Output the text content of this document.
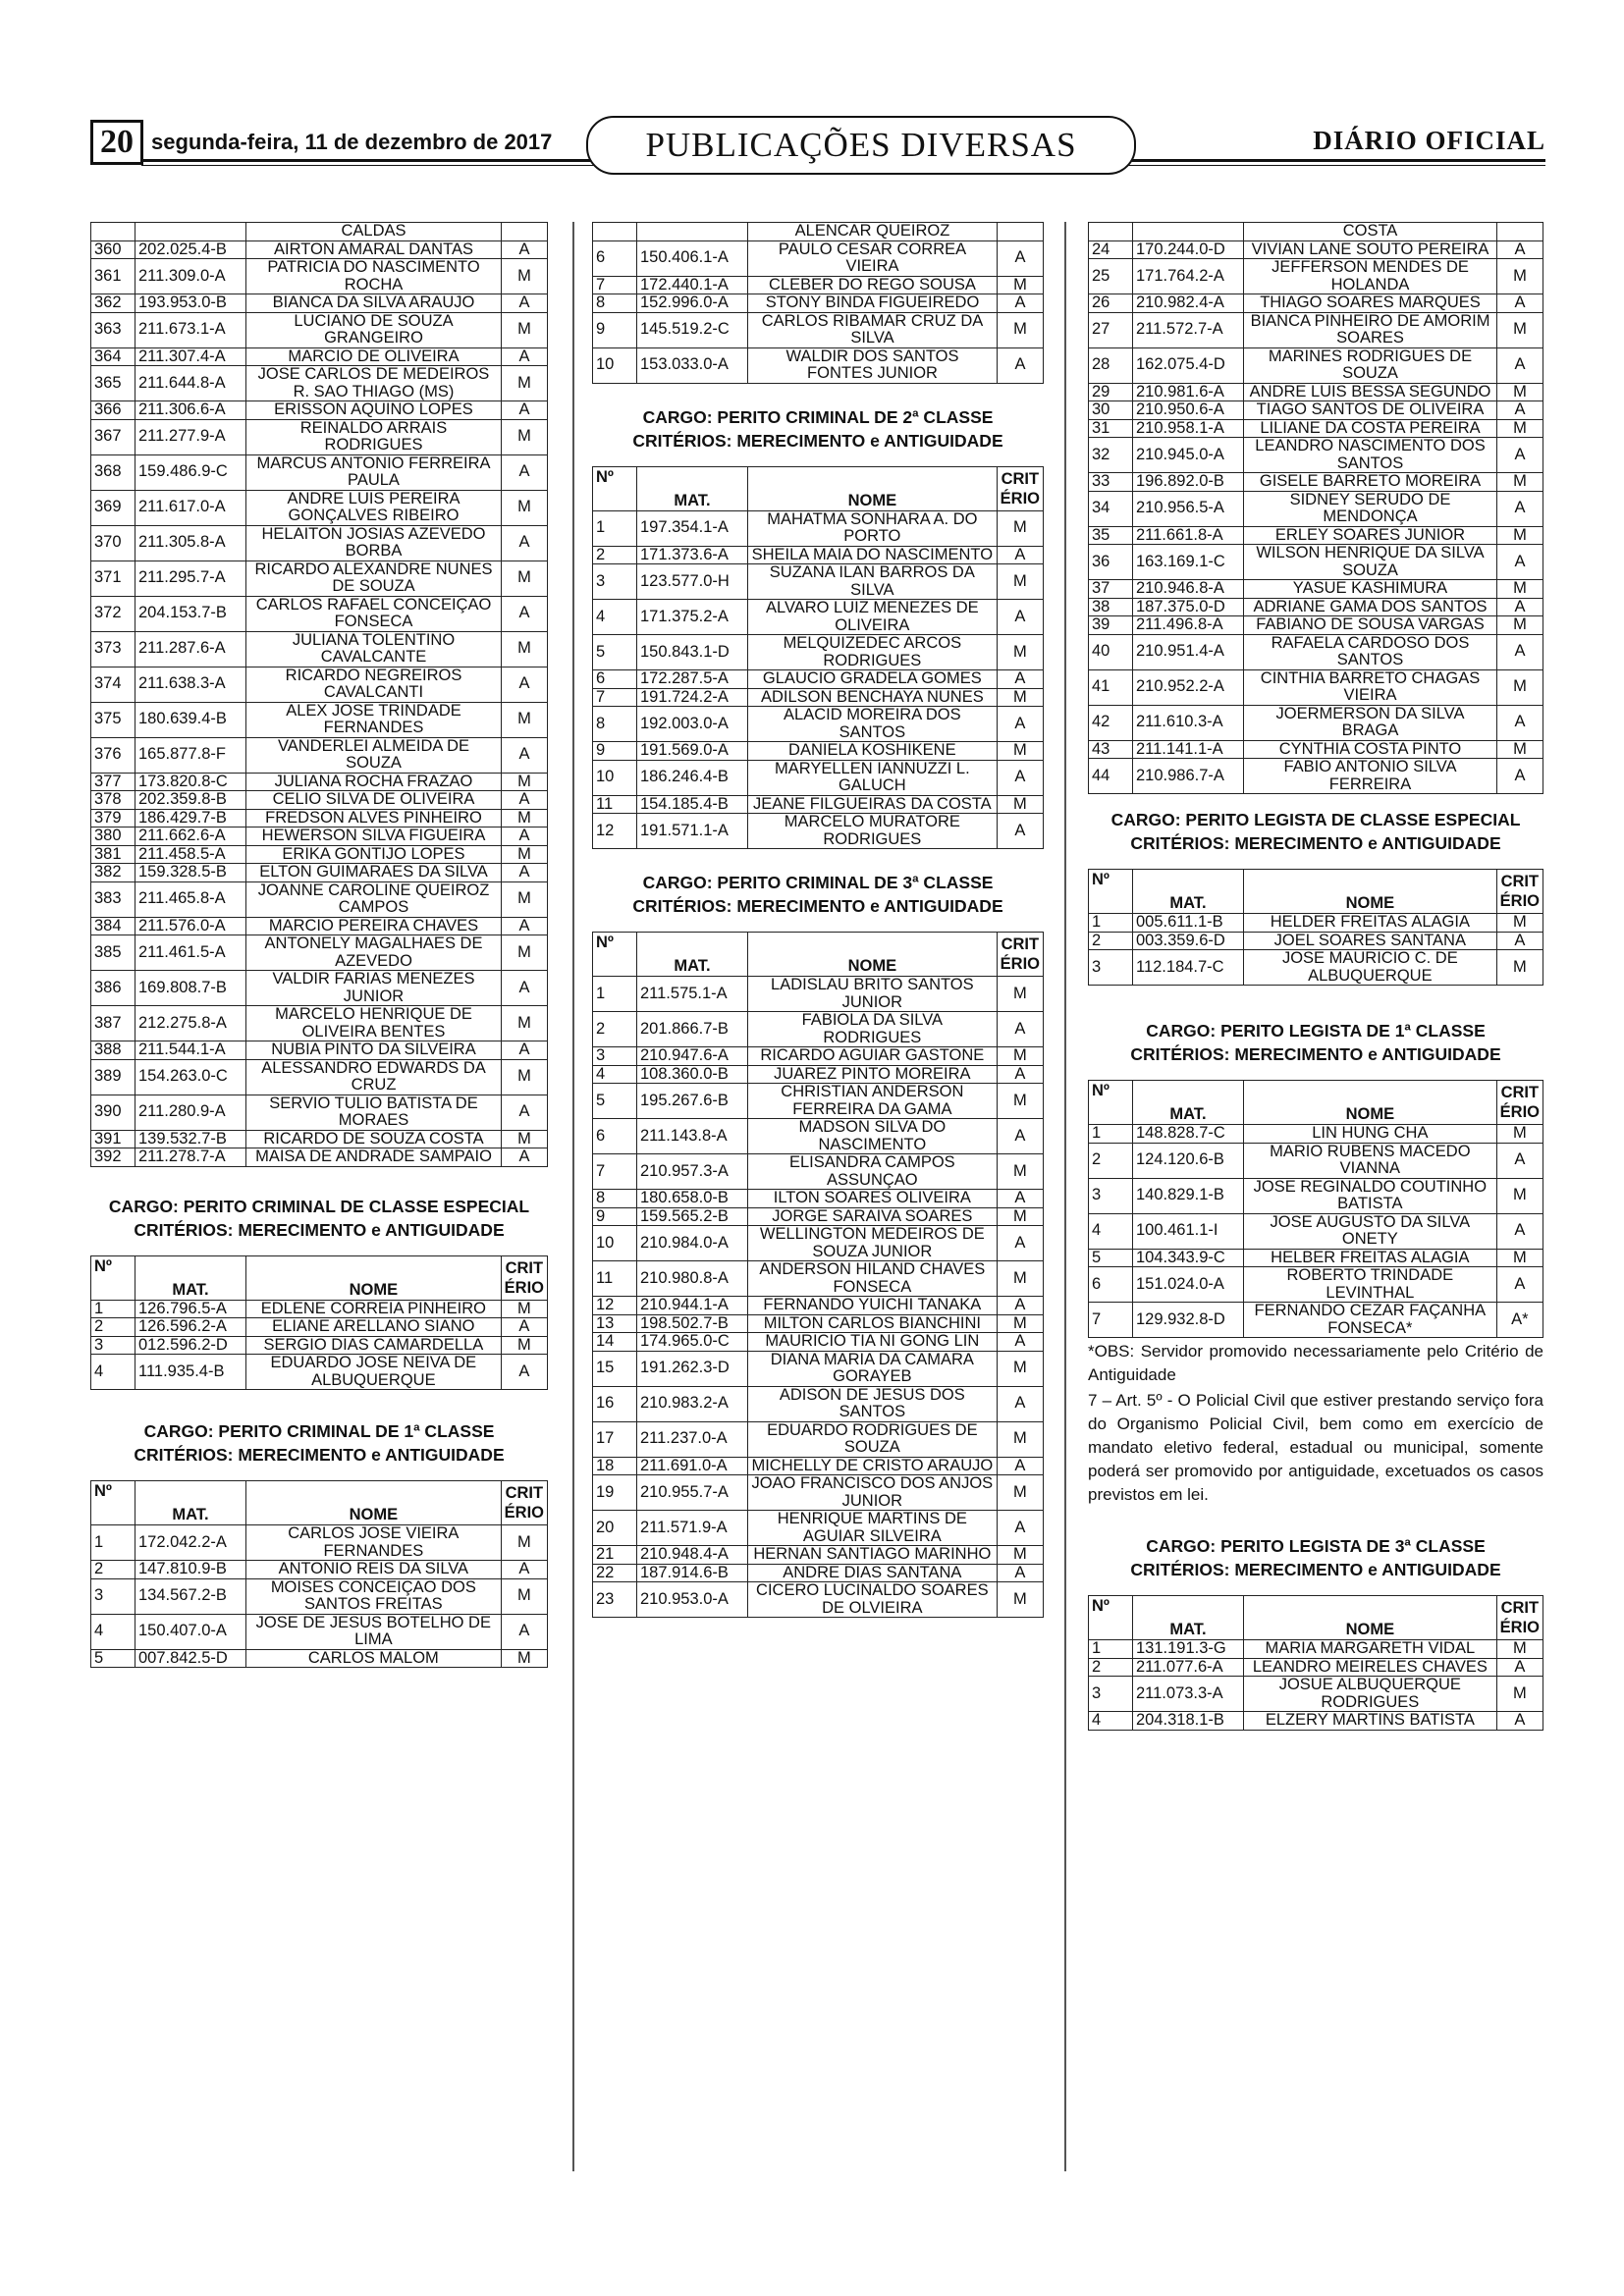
20 segunda-feira, 11 de dezembro de 2017	PUBLICAÇÕES DIVERSAS	DIÁRIO OFICIAL
		CALDAS	
360	202.025.4-B	AIRTON AMARAL DANTAS	A
361	211.309.0-A	PATRICIA DO NASCIMENTO ROCHA	M
362	193.953.0-B	BIANCA DA SILVA ARAUJO	A
363	211.673.1-A	LUCIANO DE SOUZA GRANGEIRO	M
364	211.307.4-A	MARCIO DE OLIVEIRA	A
365	211.644.8-A	JOSE CARLOS DE MEDEIROS R. SAO THIAGO (MS)	M
366	211.306.6-A	ERISSON AQUINO LOPES	A
367	211.277.9-A	REINALDO ARRAIS RODRIGUES	M
368	159.486.9-C	MARCUS ANTONIO FERREIRA PAULA	A
369	211.617.0-A	ANDRE LUIS PEREIRA GONÇALVES RIBEIRO	M
370	211.305.8-A	HELAITON JOSIAS AZEVEDO BORBA	A
371	211.295.7-A	RICARDO ALEXANDRE NUNES DE SOUZA	M
372	204.153.7-B	CARLOS RAFAEL CONCEIÇAO FONSECA	A
373	211.287.6-A	JULIANA TOLENTINO CAVALCANTE	M
374	211.638.3-A	RICARDO NEGREIROS CAVALCANTI	A
375	180.639.4-B	ALEX JOSE TRINDADE FERNANDES	M
376	165.877.8-F	VANDERLEI ALMEIDA DE SOUZA	A
377	173.820.8-C	JULIANA ROCHA FRAZAO	M
378	202.359.8-B	CELIO SILVA DE OLIVEIRA	A
379	186.429.7-B	FREDSON ALVES PINHEIRO	M
380	211.662.6-A	HEWERSON SILVA FIGUEIRA	A
381	211.458.5-A	ERIKA GONTIJO LOPES	M
382	159.328.5-B	ELTON GUIMARAES DA SILVA	A
383	211.465.8-A	JOANNE CAROLINE QUEIROZ CAMPOS	M
384	211.576.0-A	MARCIO PEREIRA CHAVES	A
385	211.461.5-A	ANTONELY MAGALHAES DE AZEVEDO	M
386	169.808.7-B	VALDIR FARIAS MENEZES JUNIOR	A
387	212.275.8-A	MARCELO HENRIQUE DE OLIVEIRA BENTES	M
388	211.544.1-A	NUBIA PINTO DA SILVEIRA	A
389	154.263.0-C	ALESSANDRO EDWARDS DA CRUZ	M
390	211.280.9-A	SERVIO TULIO BATISTA DE MORAES	A
391	139.532.7-B	RICARDO DE SOUZA COSTA	M
392	211.278.7-A	MAISA DE ANDRADE SAMPAIO	A
CARGO: PERITO CRIMINAL DE CLASSE ESPECIAL
CRITÉRIOS: MERECIMENTO e ANTIGUIDADE
Nº	MAT.	NOME	CRIT ÉRIO
1	126.796.5-A	EDLENE CORREIA PINHEIRO	M
2	126.596.2-A	ELIANE ARELLANO SIANO	A
3	012.596.2-D	SERGIO DIAS CAMARDELLA	M
4	111.935.4-B	EDUARDO JOSE NEIVA DE ALBUQUERQUE	A
CARGO: PERITO CRIMINAL DE 1ª CLASSE
CRITÉRIOS: MERECIMENTO e ANTIGUIDADE
Nº	MAT.	NOME	CRIT ÉRIO
1	172.042.2-A	CARLOS JOSE VIEIRA FERNANDES	M
2	147.810.9-B	ANTONIO REIS DA SILVA	A
3	134.567.2-B	MOISES CONCEIÇAO DOS SANTOS FREITAS	M
4	150.407.0-A	JOSE DE JESUS BOTELHO DE LIMA	A
5	007.842.5-D	CARLOS MALOM	M
		ALENCAR QUEIROZ	
6	150.406.1-A	PAULO CESAR CORREA VIEIRA	A
7	172.440.1-A	CLEBER DO REGO SOUSA	M
8	152.996.0-A	STONY BINDA FIGUEIREDO	A
9	145.519.2-C	CARLOS RIBAMAR CRUZ DA SILVA	M
10	153.033.0-A	WALDIR DOS SANTOS FONTES JUNIOR	A
CARGO: PERITO CRIMINAL DE 2ª CLASSE
CRITÉRIOS: MERECIMENTO e ANTIGUIDADE
Nº	MAT.	NOME	CRIT ÉRIO
1	197.354.1-A	MAHATMA SONHARA A. DO PORTO	M
2	171.373.6-A	SHEILA MAIA DO NASCIMENTO	A
3	123.577.0-H	SUZANA ILAN BARROS DA SILVA	M
4	171.375.2-A	ALVARO LUIZ MENEZES DE OLIVEIRA	A
5	150.843.1-D	MELQUIZEDEC ARCOS RODRIGUES	M
6	172.287.5-A	GLAUCIO GRADELA GOMES	A
7	191.724.2-A	ADILSON BENCHAYA NUNES	M
8	192.003.0-A	ALACID MOREIRA DOS SANTOS	A
9	191.569.0-A	DANIELA KOSHIKENE	M
10	186.246.4-B	MARYELLEN IANNUZZI L. GALUCH	A
11	154.185.4-B	JEANE FILGUEIRAS DA COSTA	M
12	191.571.1-A	MARCELO MURATORE RODRIGUES	A
CARGO: PERITO CRIMINAL DE 3ª CLASSE
CRITÉRIOS: MERECIMENTO e ANTIGUIDADE
Nº	MAT.	NOME	CRIT ÉRIO
1	211.575.1-A	LADISLAU BRITO SANTOS JUNIOR	M
2	201.866.7-B	FABIOLA DA SILVA RODRIGUES	A
3	210.947.6-A	RICARDO AGUIAR GASTONE	M
4	108.360.0-B	JUAREZ PINTO MOREIRA	A
5	195.267.6-B	CHRISTIAN ANDERSON FERREIRA DA GAMA	M
6	211.143.8-A	MADSON SILVA DO NASCIMENTO	A
7	210.957.3-A	ELISANDRA CAMPOS ASSUNÇAO	M
8	180.658.0-B	ILTON SOARES OLIVEIRA	A
9	159.565.2-B	JORGE SARAIVA SOARES	M
10	210.984.0-A	WELLINGTON MEDEIROS DE SOUZA JUNIOR	A
11	210.980.8-A	ANDERSON HILAND CHAVES FONSECA	M
12	210.944.1-A	FERNANDO YUICHI TANAKA	A
13	198.502.7-B	MILTON CARLOS BIANCHINI	M
14	174.965.0-C	MAURICIO TIA NI GONG LIN	A
15	191.262.3-D	DIANA MARIA DA CAMARA GORAYEB	M
16	210.983.2-A	ADISON DE JESUS DOS SANTOS	A
17	211.237.0-A	EDUARDO RODRIGUES DE SOUZA	M
18	211.691.0-A	MICHELLY DE CRISTO ARAUJO	A
19	210.955.7-A	JOAO FRANCISCO DOS ANJOS JUNIOR	M
20	211.571.9-A	HENRIQUE MARTINS DE AGUIAR SILVEIRA	A
21	210.948.4-A	HERNAN SANTIAGO MARINHO	M
22	187.914.6-B	ANDRE DIAS SANTANA	A
23	210.953.0-A	CICERO LUCINALDO SOARES DE OLVIEIRA	M
		COSTA	
24	170.244.0-D	VIVIAN LANE SOUTO PEREIRA	A
25	171.764.2-A	JEFFERSON MENDES DE HOLANDA	M
26	210.982.4-A	THIAGO SOARES MARQUES	A
27	211.572.7-A	BIANCA PINHEIRO DE AMORIM SOARES	M
28	162.075.4-D	MARINES RODRIGUES DE SOUZA	A
29	210.981.6-A	ANDRE LUIS BESSA SEGUNDO	M
30	210.950.6-A	TIAGO SANTOS DE OLIVEIRA	A
31	210.958.1-A	LILIANE DA COSTA PEREIRA	M
32	210.945.0-A	LEANDRO NASCIMENTO DOS SANTOS	A
33	196.892.0-B	GISELE BARRETO MOREIRA	M
34	210.956.5-A	SIDNEY SERUDO DE MENDONÇA	A
35	211.661.8-A	ERLEY SOARES JUNIOR	M
36	163.169.1-C	WILSON HENRIQUE DA SILVA SOUZA	A
37	210.946.8-A	YASUE KASHIMURA	M
38	187.375.0-D	ADRIANE GAMA DOS SANTOS	A
39	211.496.8-A	FABIANO DE SOUSA VARGAS	M
40	210.951.4-A	RAFAELA CARDOSO DOS SANTOS	A
41	210.952.2-A	CINTHIA BARRETO CHAGAS VIEIRA	M
42	211.610.3-A	JOERMERSON DA SILVA BRAGA	A
43	211.141.1-A	CYNTHIA COSTA PINTO	M
44	210.986.7-A	FABIO ANTONIO SILVA FERREIRA	A
CARGO: PERITO LEGISTA DE CLASSE ESPECIAL
CRITÉRIOS: MERECIMENTO e ANTIGUIDADE
Nº	MAT.	NOME	CRIT ÉRIO
1	005.611.1-B	HELDER FREITAS ALAGIA	M
2	003.359.6-D	JOEL SOARES SANTANA	A
3	112.184.7-C	JOSE MAURICIO C. DE ALBUQUERQUE	M
CARGO: PERITO LEGISTA DE 1ª CLASSE
CRITÉRIOS: MERECIMENTO e ANTIGUIDADE
Nº	MAT.	NOME	CRIT ÉRIO
1	148.828.7-C	LIN HUNG CHA	M
2	124.120.6-B	MARIO RUBENS MACEDO VIANNA	A
3	140.829.1-B	JOSE REGINALDO COUTINHO BATISTA	M
4	100.461.1-I	JOSE AUGUSTO DA SILVA ONETY	A
5	104.343.9-C	HELBER FREITAS ALAGIA	M
6	151.024.0-A	ROBERTO TRINDADE LEVINTHAL	A
7	129.932.8-D	FERNANDO CEZAR FAÇANHA FONSECA*	A*
*OBS: Servidor promovido necessariamente pelo Critério de Antiguidade
7 – Art. 5º - O Policial Civil que estiver prestando serviço fora do Organismo Policial Civil, bem como em exercício de mandato eletivo federal, estadual ou municipal, somente poderá ser promovido por antiguidade, excetuados os casos previstos em lei.
CARGO: PERITO LEGISTA DE 3ª CLASSE
CRITÉRIOS: MERECIMENTO e ANTIGUIDADE
Nº	MAT.	NOME	CRIT ÉRIO
1	131.191.3-G	MARIA MARGARETH VIDAL	M
2	211.077.6-A	LEANDRO MEIRELES CHAVES	A
3	211.073.3-A	JOSUE ALBUQUERQUE RODRIGUES	M
4	204.318.1-B	ELZERY MARTINS BATISTA	A
